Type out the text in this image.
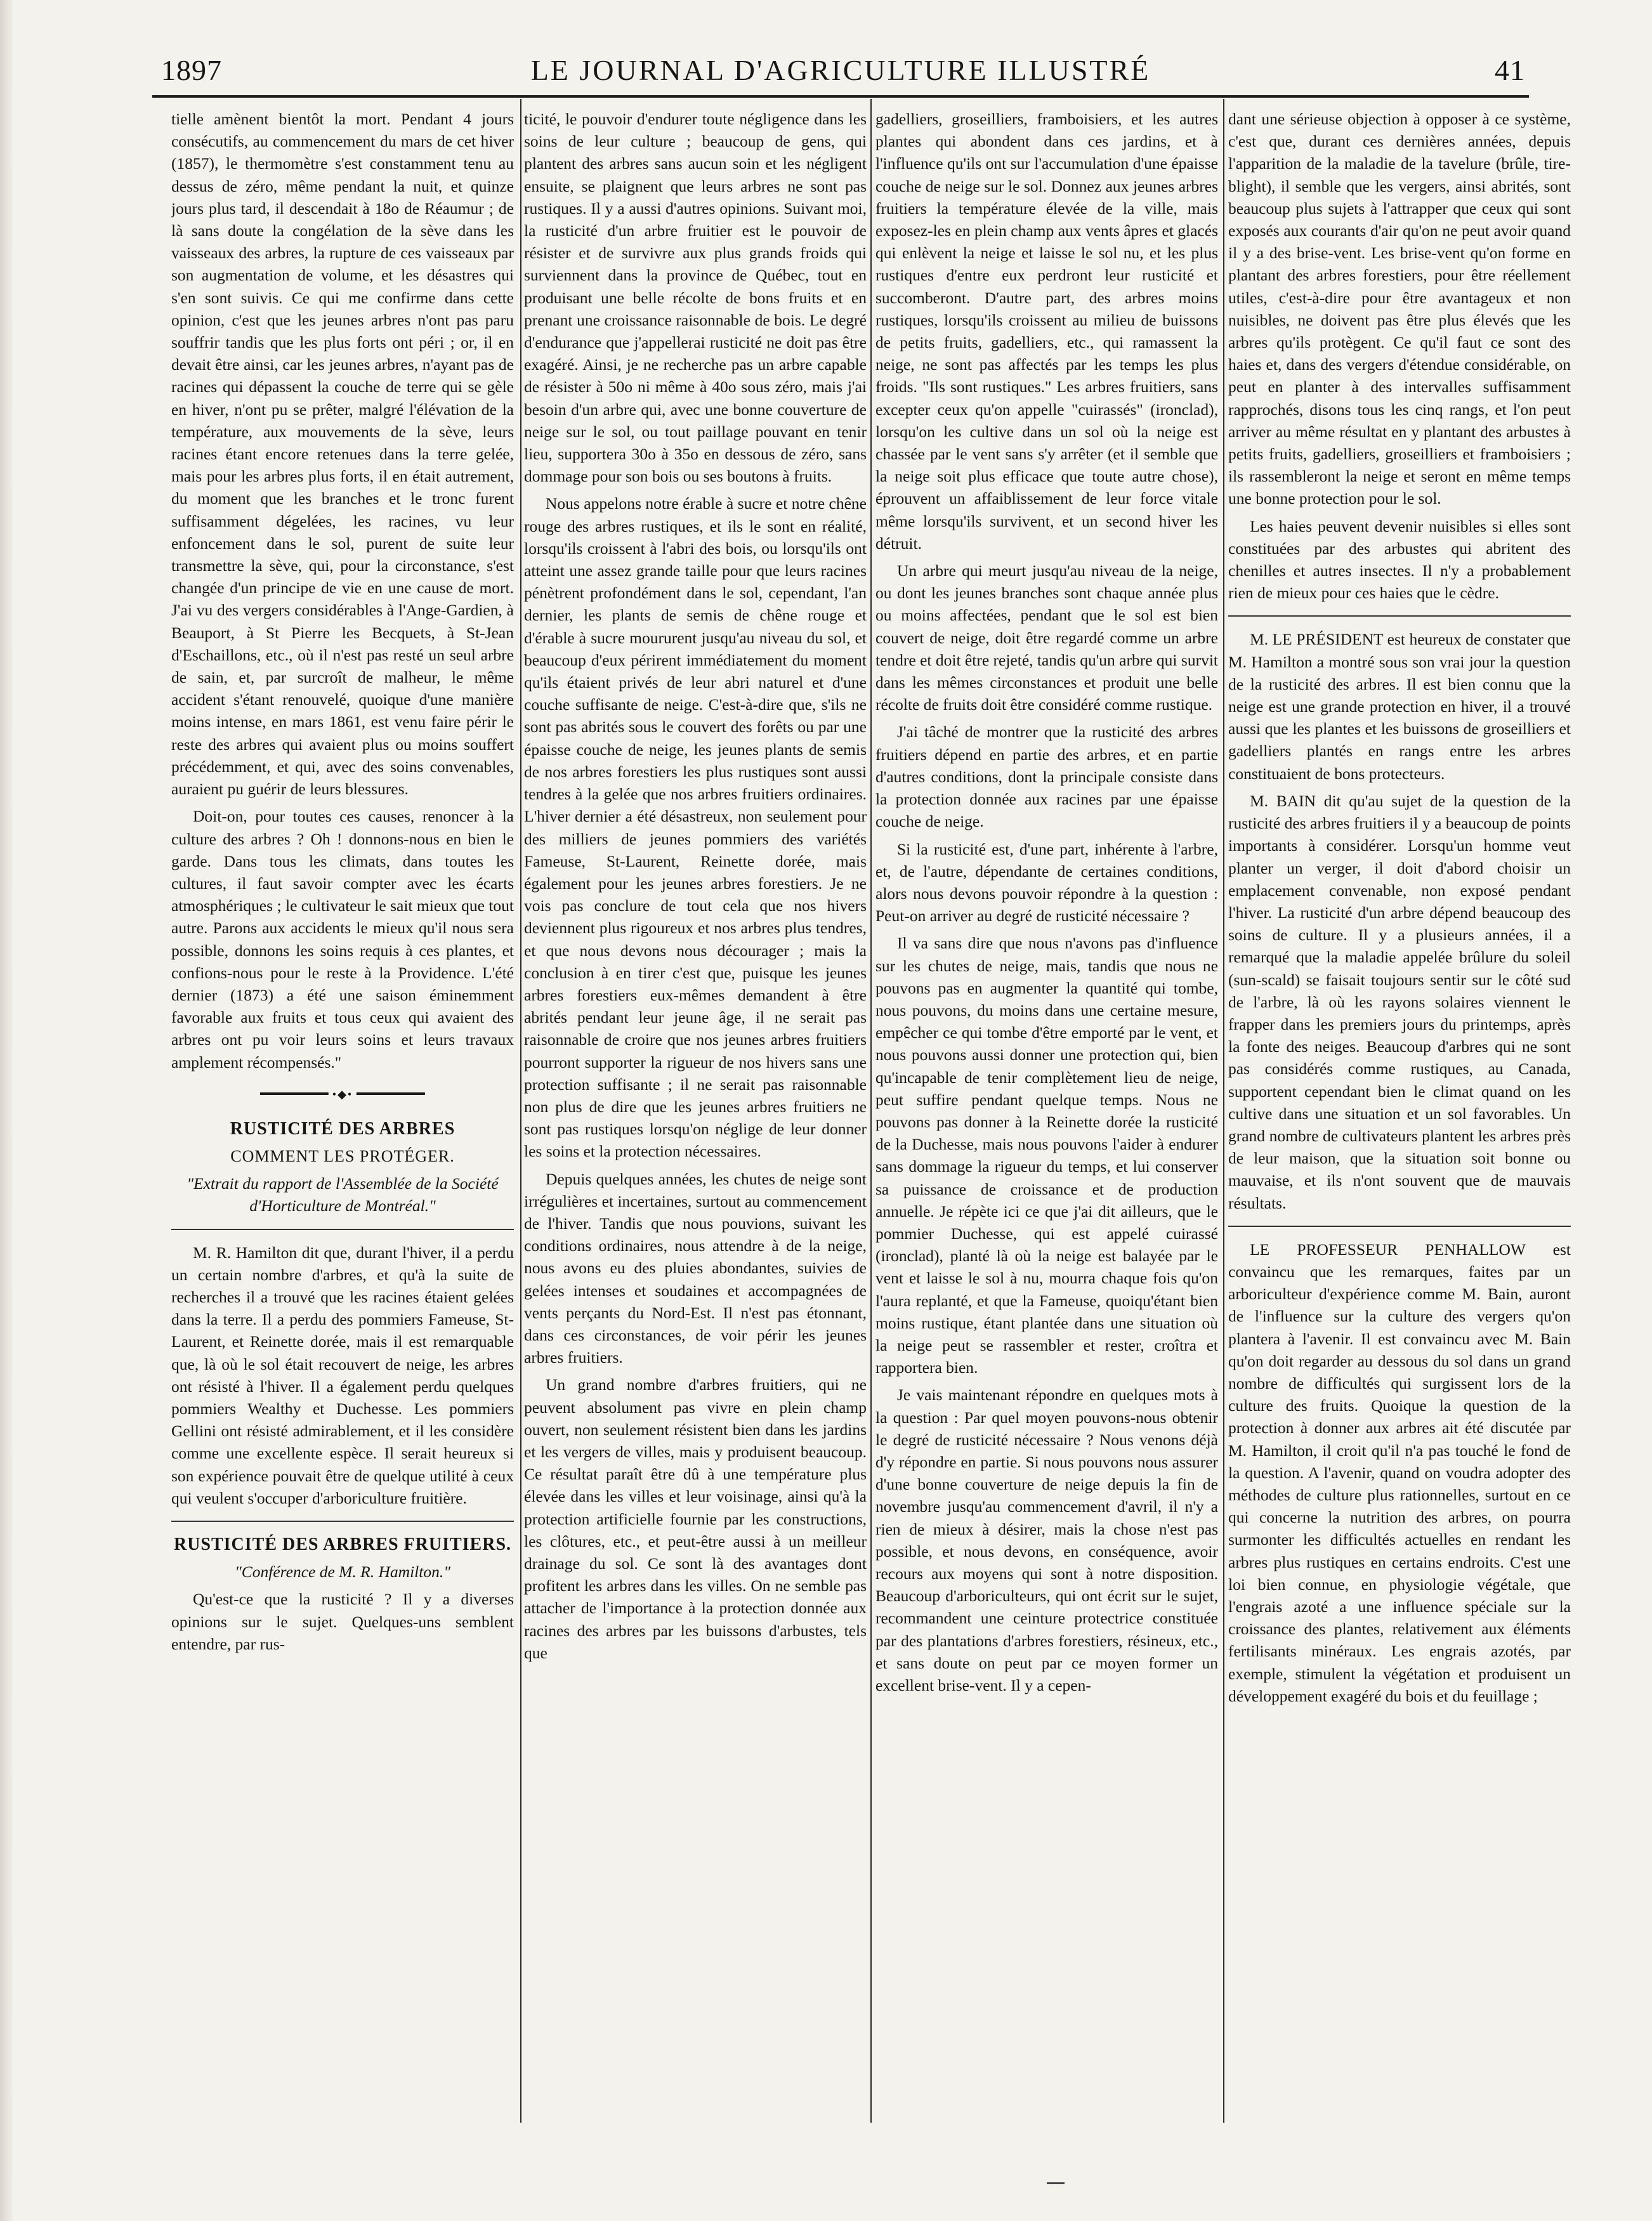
1897	LE JOURNAL D'AGRICULTURE ILLUSTRÉ	41

tielle amènent bientôt la mort. Pendant 4 jours consécutifs, au commencement du mars de cet hiver (1857), le thermomètre s'est constamment tenu au dessus de zéro, même pendant la nuit, et quinze jours plus tard, il descendait à 18o de Réaumur ; de là sans doute la congélation de la sève dans les vaisseaux des arbres, la rupture de ces vaisseaux par son augmentation de volume, et les désastres qui s'en sont suivis. Ce qui me confirme dans cette opinion, c'est que les jeunes arbres n'ont pas paru souffrir tandis que les plus forts ont péri ; or, il en devait être ainsi, car les jeunes arbres, n'ayant pas de racines qui dépassent la couche de terre qui se gèle en hiver, n'ont pu se prêter, malgré l'élévation de la température, aux mouvements de la sève, leurs racines étant encore retenues dans la terre gelée, mais pour les arbres plus forts, il en était autrement, du moment que les branches et le tronc furent suffisamment dégelées, les racines, vu leur enfoncement dans le sol, purent de suite leur transmettre la sève, qui, pour la circonstance, s'est changée d'un principe de vie en une cause de mort. J'ai vu des vergers considérables à l'Ange-Gardien, à Beauport, à St Pierre les Becquets, à St-Jean d'Eschaillons, etc., où il n'est pas resté un seul arbre de sain, et, par surcroît de malheur, le même accident s'étant renouvelé, quoique d'une manière moins intense, en mars 1861, est venu faire périr le reste des arbres qui avaient plus ou moins souffert précédemment, et qui, avec des soins convenables, auraient pu guérir de leurs blessures.

Doit-on, pour toutes ces causes, renoncer à la culture des arbres ? Oh ! donnons-nous en bien le garde. Dans tous les climats, dans toutes les cultures, il faut savoir compter avec les écarts atmosphériques ; le cultivateur le sait mieux que tout autre. Parons aux accidents le mieux qu'il nous sera possible, donnons les soins requis à ces plantes, et confions-nous pour le reste à la Providence. L'été dernier (1873) a été une saison éminemment favorable aux fruits et tous ceux qui avaient des arbres ont pu voir leurs soins et leurs travaux amplement récompensés."

•◆•

RUSTICITÉ DES ARBRES

COMMENT LES PROTÉGER.

"Extrait du rapport de l'Assemblée de la Société d'Horticulture de Montréal."

M. R. Hamilton dit que, durant l'hiver, il a perdu un certain nombre d'arbres, et qu'à la suite de recherches il a trouvé que les racines étaient gelées dans la terre. Il a perdu des pommiers Fameuse, St-Laurent, et Reinette dorée, mais il est remarquable que, là où le sol était recouvert de neige, les arbres ont résisté à l'hiver. Il a également perdu quelques pommiers Wealthy et Duchesse. Les pommiers Gellini ont résisté admirablement, et il les considère comme une excellente espèce. Il serait heureux si son expérience pouvait être de quelque utilité à ceux qui veulent s'occuper d'arboriculture fruitière.

RUSTICITÉ DES ARBRES FRUITIERS.

"Conférence de M. R. Hamilton."

Qu'est-ce que la rusticité ? Il y a diverses opinions sur le sujet. Quelques-uns semblent entendre, par rus-

ticité, le pouvoir d'endurer toute négligence dans les soins de leur culture ; beaucoup de gens, qui plantent des arbres sans aucun soin et les négligent ensuite, se plaignent que leurs arbres ne sont pas rustiques. Il y a aussi d'autres opinions. Suivant moi, la rusticité d'un arbre fruitier est le pouvoir de résister et de survivre aux plus grands froids qui surviennent dans la province de Québec, tout en produisant une belle récolte de bons fruits et en prenant une croissance raisonnable de bois. Le degré d'endurance que j'appellerai rusticité ne doit pas être exagéré. Ainsi, je ne recherche pas un arbre capable de résister à 50o ni même à 40o sous zéro, mais j'ai besoin d'un arbre qui, avec une bonne couverture de neige sur le sol, ou tout paillage pouvant en tenir lieu, supportera 30o à 35o en dessous de zéro, sans dommage pour son bois ou ses boutons à fruits.

Nous appelons notre érable à sucre et notre chêne rouge des arbres rustiques, et ils le sont en réalité, lorsqu'ils croissent à l'abri des bois, ou lorsqu'ils ont atteint une assez grande taille pour que leurs racines pénètrent profondément dans le sol, cependant, l'an dernier, les plants de semis de chêne rouge et d'érable à sucre moururent jusqu'au niveau du sol, et beaucoup d'eux périrent immédiatement du moment qu'ils étaient privés de leur abri naturel et d'une couche suffisante de neige. C'est-à-dire que, s'ils ne sont pas abrités sous le couvert des forêts ou par une épaisse couche de neige, les jeunes plants de semis de nos arbres forestiers les plus rustiques sont aussi tendres à la gelée que nos arbres fruitiers ordinaires. L'hiver dernier a été désastreux, non seulement pour des milliers de jeunes pommiers des variétés Fameuse, St-Laurent, Reinette dorée, mais également pour les jeunes arbres forestiers. Je ne vois pas conclure de tout cela que nos hivers deviennent plus rigoureux et nos arbres plus tendres, et que nous devons nous décourager ; mais la conclusion à en tirer c'est que, puisque les jeunes arbres forestiers eux-mêmes demandent à être abrités pendant leur jeune âge, il ne serait pas raisonnable de croire que nos jeunes arbres fruitiers pourront supporter la rigueur de nos hivers sans une protection suffisante ; il ne serait pas raisonnable non plus de dire que les jeunes arbres fruitiers ne sont pas rustiques lorsqu'on néglige de leur donner les soins et la protection nécessaires.

Depuis quelques années, les chutes de neige sont irrégulières et incertaines, surtout au commencement de l'hiver. Tandis que nous pouvions, suivant les conditions ordinaires, nous attendre à de la neige, nous avons eu des pluies abondantes, suivies de gelées intenses et soudaines et accompagnées de vents perçants du Nord-Est. Il n'est pas étonnant, dans ces circonstances, de voir périr les jeunes arbres fruitiers.

Un grand nombre d'arbres fruitiers, qui ne peuvent absolument pas vivre en plein champ ouvert, non seulement résistent bien dans les jardins et les vergers de villes, mais y produisent beaucoup. Ce résultat paraît être dû à une température plus élevée dans les villes et leur voisinage, ainsi qu'à la protection artificielle fournie par les constructions, les clôtures, etc., et peut-être aussi à un meilleur drainage du sol. Ce sont là des avantages dont profitent les arbres dans les villes. On ne semble pas attacher de l'importance à la protection donnée aux racines des arbres par les buissons d'arbustes, tels que

gadelliers, groseilliers, framboisiers, et les autres plantes qui abondent dans ces jardins, et à l'influence qu'ils ont sur l'accumulation d'une épaisse couche de neige sur le sol. Donnez aux jeunes arbres fruitiers la température élevée de la ville, mais exposez-les en plein champ aux vents âpres et glacés qui enlèvent la neige et laisse le sol nu, et les plus rustiques d'entre eux perdront leur rusticité et succomberont. D'autre part, des arbres moins rustiques, lorsqu'ils croissent au milieu de buissons de petits fruits, gadelliers, etc., qui ramassent la neige, ne sont pas affectés par les temps les plus froids. "Ils sont rustiques." Les arbres fruitiers, sans excepter ceux qu'on appelle "cuirassés" (ironclad), lorsqu'on les cultive dans un sol où la neige est chassée par le vent sans s'y arrêter (et il semble que la neige soit plus efficace que toute autre chose), éprouvent un affaiblissement de leur force vitale même lorsqu'ils survivent, et un second hiver les détruit.

Un arbre qui meurt jusqu'au niveau de la neige, ou dont les jeunes branches sont chaque année plus ou moins affectées, pendant que le sol est bien couvert de neige, doit être regardé comme un arbre tendre et doit être rejeté, tandis qu'un arbre qui survit dans les mêmes circonstances et produit une belle récolte de fruits doit être considéré comme rustique.

J'ai tâché de montrer que la rusticité des arbres fruitiers dépend en partie des arbres, et en partie d'autres conditions, dont la principale consiste dans la protection donnée aux racines par une épaisse couche de neige.

Si la rusticité est, d'une part, inhérente à l'arbre, et, de l'autre, dépendante de certaines conditions, alors nous devons pouvoir répondre à la question : Peut-on arriver au degré de rusticité nécessaire ?

Il va sans dire que nous n'avons pas d'influence sur les chutes de neige, mais, tandis que nous ne pouvons pas en augmenter la quantité qui tombe, nous pouvons, du moins dans une certaine mesure, empêcher ce qui tombe d'être emporté par le vent, et nous pouvons aussi donner une protection qui, bien qu'incapable de tenir complètement lieu de neige, peut suffire pendant quelque temps. Nous ne pouvons pas donner à la Reinette dorée la rusticité de la Duchesse, mais nous pouvons l'aider à endurer sans dommage la rigueur du temps, et lui conserver sa puissance de croissance et de production annuelle. Je répète ici ce que j'ai dit ailleurs, que le pommier Duchesse, qui est appelé cuirassé (ironclad), planté là où la neige est balayée par le vent et laisse le sol à nu, mourra chaque fois qu'on l'aura replanté, et que la Fameuse, quoiqu'étant bien moins rustique, étant plantée dans une situation où la neige peut se rassembler et rester, croîtra et rapportera bien.

Je vais maintenant répondre en quelques mots à la question : Par quel moyen pouvons-nous obtenir le degré de rusticité nécessaire ? Nous venons déjà d'y répondre en partie. Si nous pouvons nous assurer d'une bonne couverture de neige depuis la fin de novembre jusqu'au commencement d'avril, il n'y a rien de mieux à désirer, mais la chose n'est pas possible, et nous devons, en conséquence, avoir recours aux moyens qui sont à notre disposition. Beaucoup d'arboriculteurs, qui ont écrit sur le sujet, recommandent une ceinture protectrice constituée par des plantations d'arbres forestiers, résineux, etc., et sans doute on peut par ce moyen former un excellent brise-vent. Il y a cepen-

dant une sérieuse objection à opposer à ce système, c'est que, durant ces dernières années, depuis l'apparition de la maladie de la tavelure (brûle, tire-blight), il semble que les vergers, ainsi abrités, sont beaucoup plus sujets à l'attrapper que ceux qui sont exposés aux courants d'air qu'on ne peut avoir quand il y a des brise-vent. Les brise-vent qu'on forme en plantant des arbres forestiers, pour être réellement utiles, c'est-à-dire pour être avantageux et non nuisibles, ne doivent pas être plus élevés que les arbres qu'ils protègent. Ce qu'il faut ce sont des haies et, dans des vergers d'étendue considérable, on peut en planter à des intervalles suffisamment rapprochés, disons tous les cinq rangs, et l'on peut arriver au même résultat en y plantant des arbustes à petits fruits, gadelliers, groseilliers et framboisiers ; ils rassembleront la neige et seront en même temps une bonne protection pour le sol.

Les haies peuvent devenir nuisibles si elles sont constituées par des arbustes qui abritent des chenilles et autres insectes. Il n'y a probablement rien de mieux pour ces haies que le cèdre.

M. LE PRÉSIDENT est heureux de constater que M. Hamilton a montré sous son vrai jour la question de la rusticité des arbres. Il est bien connu que la neige est une grande protection en hiver, il a trouvé aussi que les plantes et les buissons de groseilliers et gadelliers plantés en rangs entre les arbres constituaient de bons protecteurs.

M. BAIN dit qu'au sujet de la question de la rusticité des arbres fruitiers il y a beaucoup de points importants à considérer. Lorsqu'un homme veut planter un verger, il doit d'abord choisir un emplacement convenable, non exposé pendant l'hiver. La rusticité d'un arbre dépend beaucoup des soins de culture. Il y a plusieurs années, il a remarqué que la maladie appelée brûlure du soleil (sun-scald) se faisait toujours sentir sur le côté sud de l'arbre, là où les rayons solaires viennent le frapper dans les premiers jours du printemps, après la fonte des neiges. Beaucoup d'arbres qui ne sont pas considérés comme rustiques, au Canada, supportent cependant bien le climat quand on les cultive dans une situation et un sol favorables. Un grand nombre de cultivateurs plantent les arbres près de leur maison, que la situation soit bonne ou mauvaise, et ils n'ont souvent que de mauvais résultats.

LE PROFESSEUR PENHALLOW est convaincu que les remarques, faites par un arboriculteur d'expérience comme M. Bain, auront de l'influence sur la culture des vergers qu'on plantera à l'avenir. Il est convaincu avec M. Bain qu'on doit regarder au dessous du sol dans un grand nombre de difficultés qui surgissent lors de la culture des fruits. Quoique la question de la protection à donner aux arbres ait été discutée par M. Hamilton, il croit qu'il n'a pas touché le fond de la question. A l'avenir, quand on voudra adopter des méthodes de culture plus rationnelles, surtout en ce qui concerne la nutrition des arbres, on pourra surmonter les difficultés actuelles en rendant les arbres plus rustiques en certains endroits. C'est une loi bien connue, en physiologie végétale, que l'engrais azoté a une influence spéciale sur la croissance des plantes, relativement aux éléments fertilisants minéraux. Les engrais azotés, par exemple, stimulent la végétation et produisent un développement exagéré du bois et du feuillage ;
